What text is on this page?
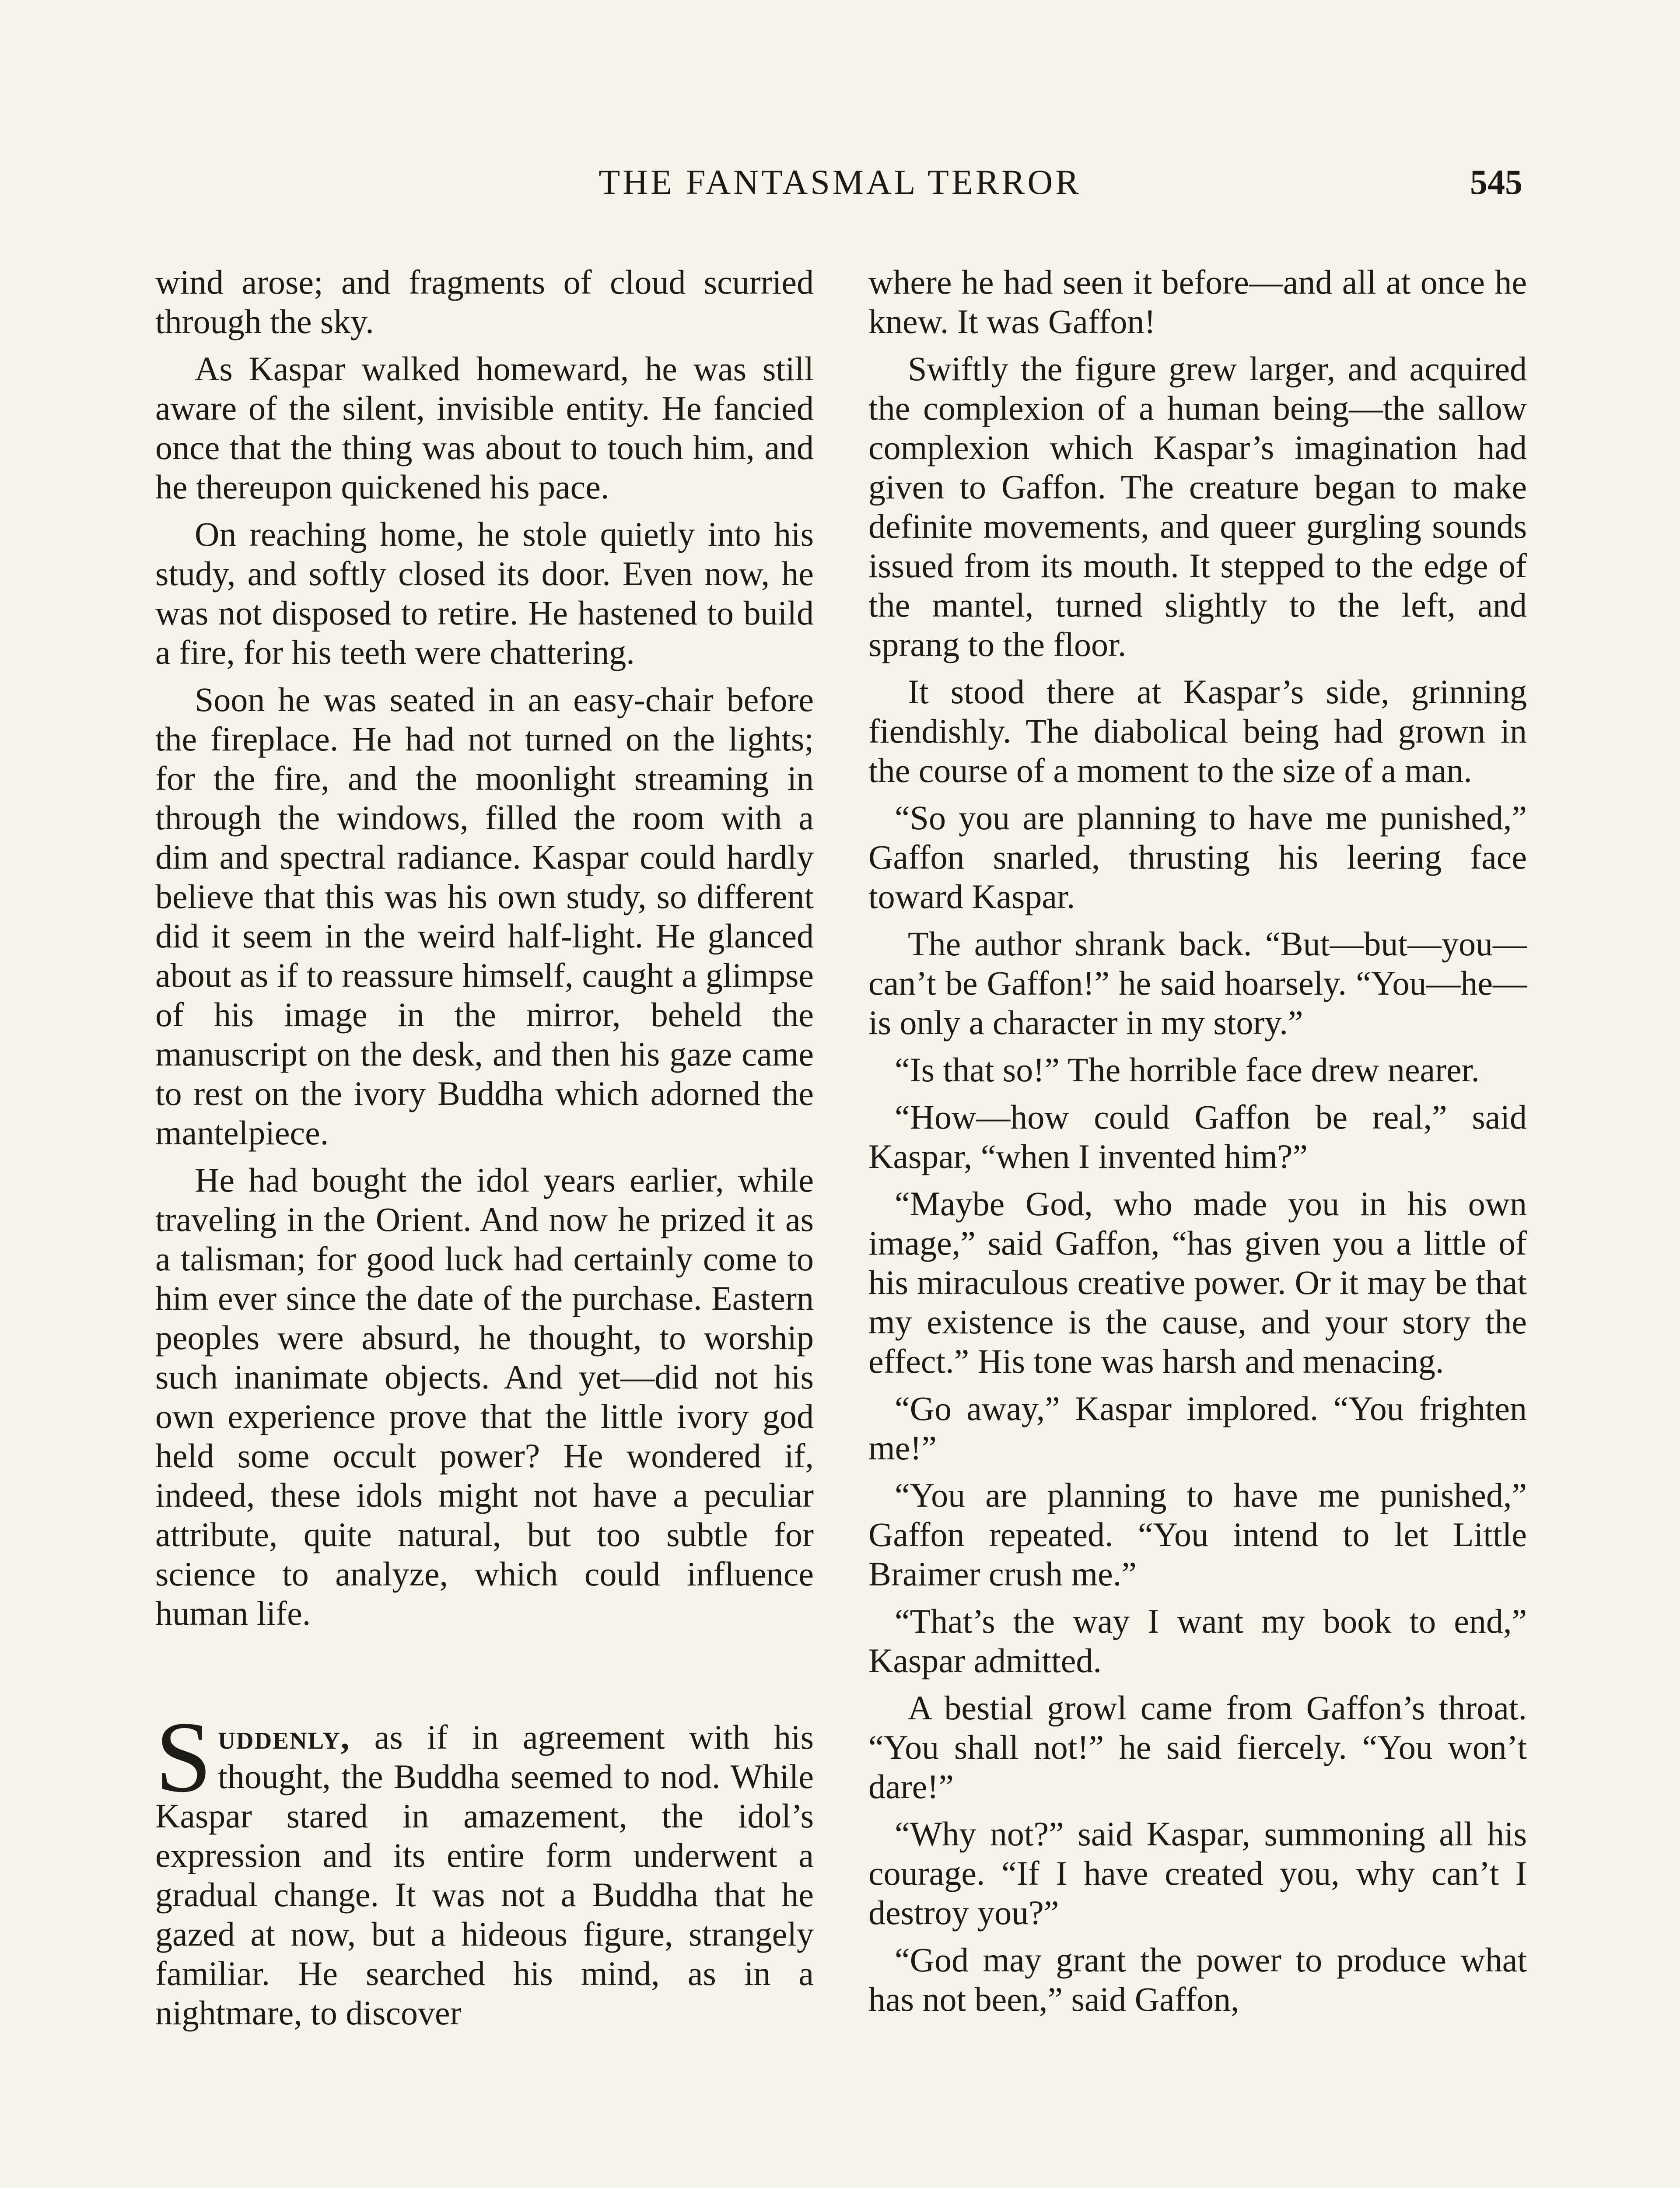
THE FANTASMAL TERROR	545

wind arose; and fragments of cloud scurried through the sky.

As Kaspar walked homeward, he was still aware of the silent, invisible entity. He fancied once that the thing was about to touch him, and he thereupon quickened his pace.

On reaching home, he stole quietly into his study, and softly closed its door. Even now, he was not disposed to retire. He hastened to build a fire, for his teeth were chattering.

Soon he was seated in an easy-chair before the fireplace. He had not turned on the lights; for the fire, and the moonlight streaming in through the windows, filled the room with a dim and spectral radiance. Kaspar could hardly believe that this was his own study, so different did it seem in the weird half-light. He glanced about as if to reassure himself, caught a glimpse of his image in the mirror, beheld the manuscript on the desk, and then his gaze came to rest on the ivory Buddha which adorned the mantelpiece.

He had bought the idol years earlier, while traveling in the Orient. And now he prized it as a talisman; for good luck had certainly come to him ever since the date of the purchase. Eastern peoples were absurd, he thought, to worship such inanimate objects. And yet—did not his own experience prove that the little ivory god held some occult power? He wondered if, indeed, these idols might not have a peculiar attribute, quite natural, but too subtle for science to analyze, which could influence human life.

Suddenly, as if in agreement with his thought, the Buddha seemed to nod. While Kaspar stared in amazement, the idol’s expression and its entire form underwent a gradual change. It was not a Buddha that he gazed at now, but a hideous figure, strangely familiar. He searched his mind, as in a nightmare, to discover

where he had seen it before—and all at once he knew. It was Gaffon!

Swiftly the figure grew larger, and acquired the complexion of a human being—the sallow complexion which Kaspar’s imagination had given to Gaffon. The creature began to make definite movements, and queer gurgling sounds issued from its mouth. It stepped to the edge of the mantel, turned slightly to the left, and sprang to the floor.

It stood there at Kaspar’s side, grinning fiendishly. The diabolical being had grown in the course of a moment to the size of a man.

“So you are planning to have me punished,” Gaffon snarled, thrusting his leering face toward Kaspar.

The author shrank back. “But—but—you—can’t be Gaffon!” he said hoarsely. “You—he—is only a character in my story.”

“Is that so!” The horrible face drew nearer.

“How—how could Gaffon be real,” said Kaspar, “when I invented him?”

“Maybe God, who made you in his own image,” said Gaffon, “has given you a little of his miraculous creative power. Or it may be that my existence is the cause, and your story the effect.” His tone was harsh and menacing.

“Go away,” Kaspar implored. “You frighten me!”

“You are planning to have me punished,” Gaffon repeated. “You intend to let Little Braimer crush me.”

“That’s the way I want my book to end,” Kaspar admitted.

A bestial growl came from Gaffon’s throat. “You shall not!” he said fiercely. “You won’t dare!”

“Why not?” said Kaspar, summoning all his courage. “If I have created you, why can’t I destroy you?”

“God may grant the power to produce what has not been,” said Gaffon,
